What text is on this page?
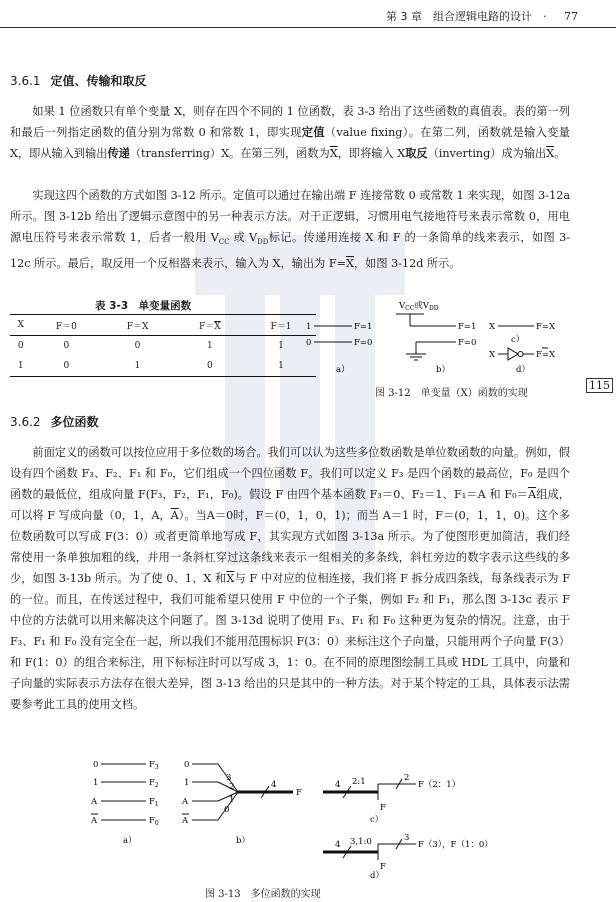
第 3 章　组合逻辑电路的设计　· 77
3.6.1 定值、传输和取反

如果 1 位函数只有单个变量 X，则存在四个不同的 1 位函数，表 3-3 给出了这些函数的真值表。表的第一列和最后一列指定函数的值分别为常数 0 和常数 1，即实现定值（value fixing）。在第二列，函数就是输入变量 X，即从输入到输出传递（transferring）X。在第三列，函数为$\overline{X}$，即将输入 X取反（inverting）成为输出$\overline{X}$。

实现这四个函数的方式如图 3-12 所示。定值可以通过在输出端 F 连接常数 0 或常数 1 来实现，如图 3-12a 所示。图 3-12b 给出了逻辑示意图中的另一种表示方法。对于正逻辑，习惯用电气接地符号来表示常数 0，用电源电压符号来表示常数 1，后者一般用 $V_{CC}$ 或 $V_{DD}$标记。传递用连接 X 和 F 的一条简单的线来表示，如图 3-12c 所示。最后，取反用一个反相器来表示，输入为 X，输出为 $F=\overline{X}$，如图 3-12d 所示。

表 3-3　单变量函数
X	F＝0	F＝X	$F=\overline{X}$	F＝1
0	0	0	1	1
1	0	1	0	1
1	F=1
0	F=0
a）
$V_{CC}$或$V_{DD}$
F=1
F=0
b）
X	F=X
c）
X	F=X
d）
图 3-12　单变量（X）函数的实现
115
3.6.2 多位函数

前面定义的函数可以按位应用于多位数的场合。我们可以认为这些多位数函数是单位数函数的向量。例如，假设有四个函数 F₃、F₂、F₁ 和 F₀，它们组成一个四位函数 F。我们可以定义 F₃ 是四个函数的最高位，F₀ 是四个函数的最低位，组成向量 F(F₃，F₂，F₁，F₀)。假设 F 由四个基本函数 F₃＝0、F₂＝1、F₁＝A 和 $F_0=\overline{A}$组成，可以将 F 写成向量（0，1，A，$\overline{A}$）。当A＝0时，F＝(0，1，0，1)；而当 A＝1 时，F＝(0，1，1，0)。这个多位数函数可以写成 F(3：0）或者更简单地写成 F，其实现方式如图 3-13a 所示。为了使图形更加简洁，我们经常使用一条单独加粗的线，并用一条斜杠穿过这条线来表示一组相关的多条线，斜杠旁边的数字表示这些线的多少，如图 3-13b 所示。为了使 0、1、X 和$\overline{X}$与 F 中对应的位相连接，我们将 F 拆分成四条线，每条线表示为 F 的一位。而且，在传送过程中，我们可能希望只使用 F 中位的一个子集，例如 F₂ 和 F₁，那么图 3-13c 表示 F 中位的方法就可以用来解决这个问题了。图 3-13d 说明了使用 F₃、F₁ 和 F₀ 这种更为复杂的情况。注意，由于 F₃、F₁ 和 F₀ 没有完全在一起，所以我们不能用范围标识 F(3：0）来标注这个子向量，只能用两个子向量 F(3）和 F(1：0）的组合来标注，用下标标注时可以写成 3，1：0。在不同的原理图绘制工具或 HDL 工具中，向量和子向量的实际表示方法存在很大差异，图 3-13 给出的只是其中的一种方法。对于某个特定的工具，具体表示法需要参考此工具的使用文档。

0	$F_3$
1	$F_2$
A	$F_1$
A	$F_0$
a）
0
1
A
A
3
2
1
0
4
F
b）
4 2:1	2
F（2：1）
F
c）
4 3,1:0	3
F（3），F（1：0）
F
d）
图 3-13　多位函数的实现
